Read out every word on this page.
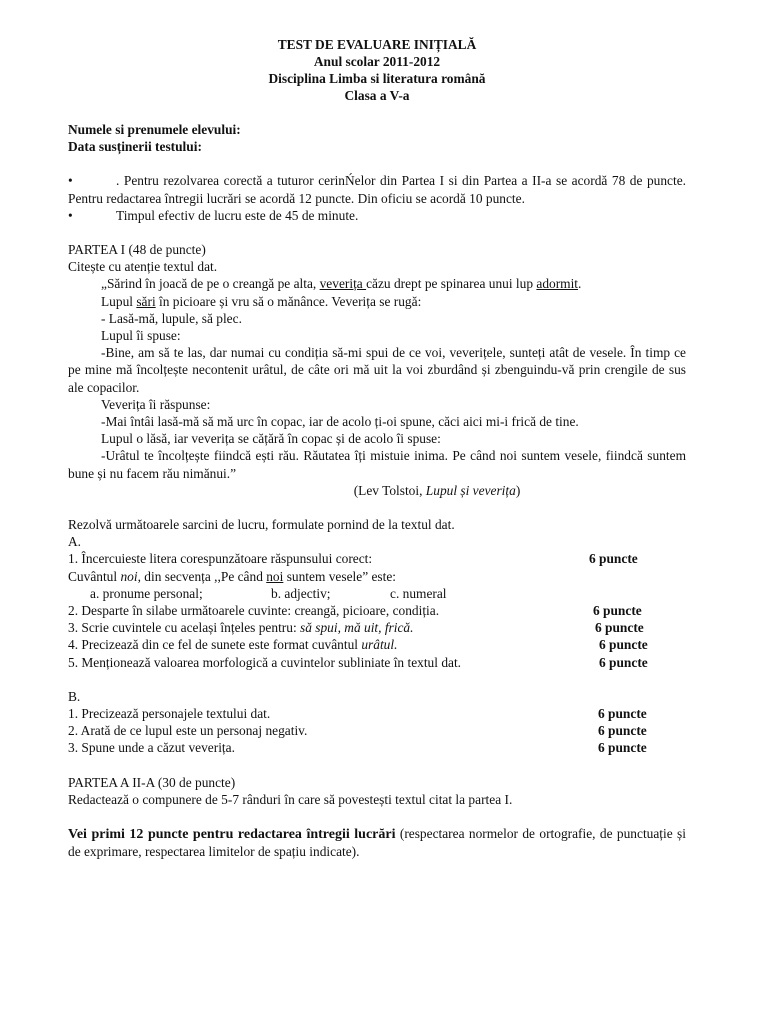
TEST DE EVALUARE INIȚIALĂ
Anul scolar 2011-2012
Disciplina Limba si literatura română
Clasa a V-a
Numele si prenumele elevului:
Data susținerii testului:
•	. Pentru rezolvarea corectă a tuturor cerinŃelor din Partea I si din Partea a II-a se acordă 78 de puncte. Pentru redactarea întregii lucrări se acordă 12 puncte. Din oficiu se acordă 10 puncte.
•	Timpul efectiv de lucru este de 45 de minute.
PARTEA I (48 de puncte)
Citește cu atenție textul dat.
„Sărind în joacă de pe o creangă pe alta, veverița căzu drept pe spinarea unui lup adormit.
Lupul sări în picioare și vru să o mănânce. Veverița se rugă:
- Lasă-mă, lupule, să plec.
Lupul îi spuse:
-Bine, am să te las, dar numai cu condiția să-mi spui de ce voi, veverițele, sunteți atât de vesele. În timp ce pe mine mă încolțește necontenit urâtul, de câte ori mă uit la voi zburdând și zbenguindu-vă prin crengile de sus ale copacilor.
Veverița îi răspunse:
-Mai întâi lasă-mă să mă urc în copac, iar de acolo ți-oi spune, căci aici mi-i frică de tine.
Lupul o lăsă, iar veverița se cățără în copac și de acolo îi spuse:
-Urâtul te încolțește fiindcă ești rău. Răutatea îți mistuie inima. Pe când noi suntem vesele, fiindcă suntem bune și nu facem rău nimănui.”
(Lev Tolstoi, Lupul și veverița)
Rezolvă următoarele sarcini de lucru, formulate pornind de la textul dat.
A.
1. Încercuieste litera corespunzătoare răspunsului corect:	6 puncte
Cuvântul noi, din secvența ,,Pe când noi suntem vesele” este:
a. pronume personal;	b. adjectiv;	c. numeral
2. Desparte în silabe următoarele cuvinte: creangă, picioare, condiția.	6 puncte
3. Scrie cuvintele cu același înțeles pentru: să spui, mă uit, frică.	6 puncte
4. Precizează din ce fel de sunete este format cuvântul urâtul.	6 puncte
5. Menționează valoarea morfologică a cuvintelor subliniate în textul dat.	6 puncte
B.
1. Precizează personajele textului dat.	6 puncte
2. Arată de ce lupul este un personaj negativ.	6 puncte
3. Spune unde a căzut veverița.	6 puncte
PARTEA A II-A (30 de puncte)
Redactează o compunere de 5-7 rânduri în care să povestești textul citat la partea I.
Vei primi 12 puncte pentru redactarea întregii lucrări (respectarea normelor de ortografie, de punctuație și de exprimare, respectarea limitelor de spațiu indicate).
